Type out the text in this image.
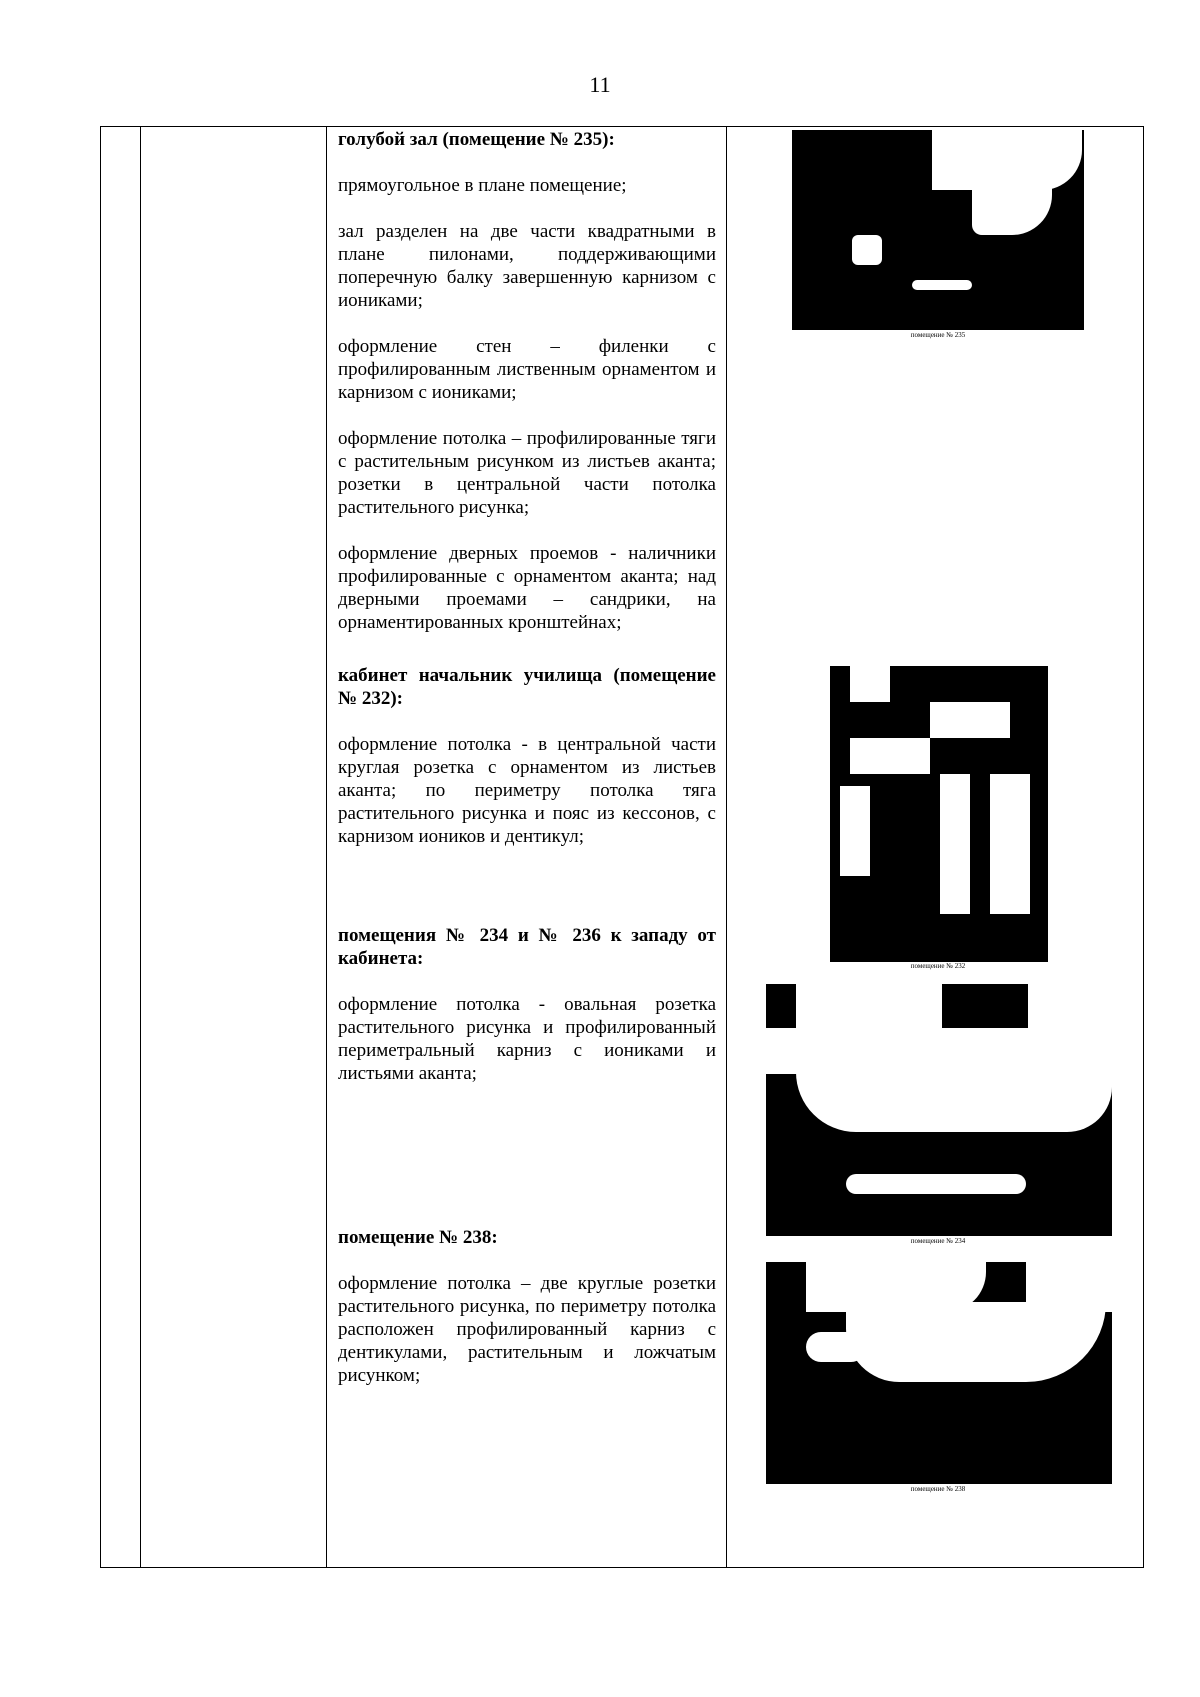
11

голубой зал (помещение № 235):

прямоугольное в плане помещение;

зал разделен на две части квадратными в плане пилонами, поддерживающими поперечную балку завершенную карнизом с иониками;

оформление стен – филенки с профилированным лиственным орнаментом и карнизом с иониками;

оформление потолка – профилированные тяги с растительным рисунком из листьев аканта; розетки в центральной части потолка растительного рисунка;

оформление дверных проемов - наличники профилированные с орнаментом аканта; над дверными проемами – сандрики, на орнаментированных кронштейнах;

кабинет начальник училища (помещение № 232):

оформление потолка - в центральной части круглая розетка с орнаментом из листьев аканта; по периметру потолка тяга растительного рисунка и пояс из кессонов, с карнизом иоников и дентикул;

помещения № 234 и № 236 к западу от кабинета:

оформление потолка - овальная розетка растительного рисунка и профилированный периметральный карниз с иониками и листьями аканта;

помещение № 238:

оформление потолка – две круглые розетки растительного рисунка, по периметру потолка расположен профилированный карниз с дентикулами, растительным и ложчатым рисунком;

помещение № 235
помещение № 232
помещение № 234
помещение № 238
